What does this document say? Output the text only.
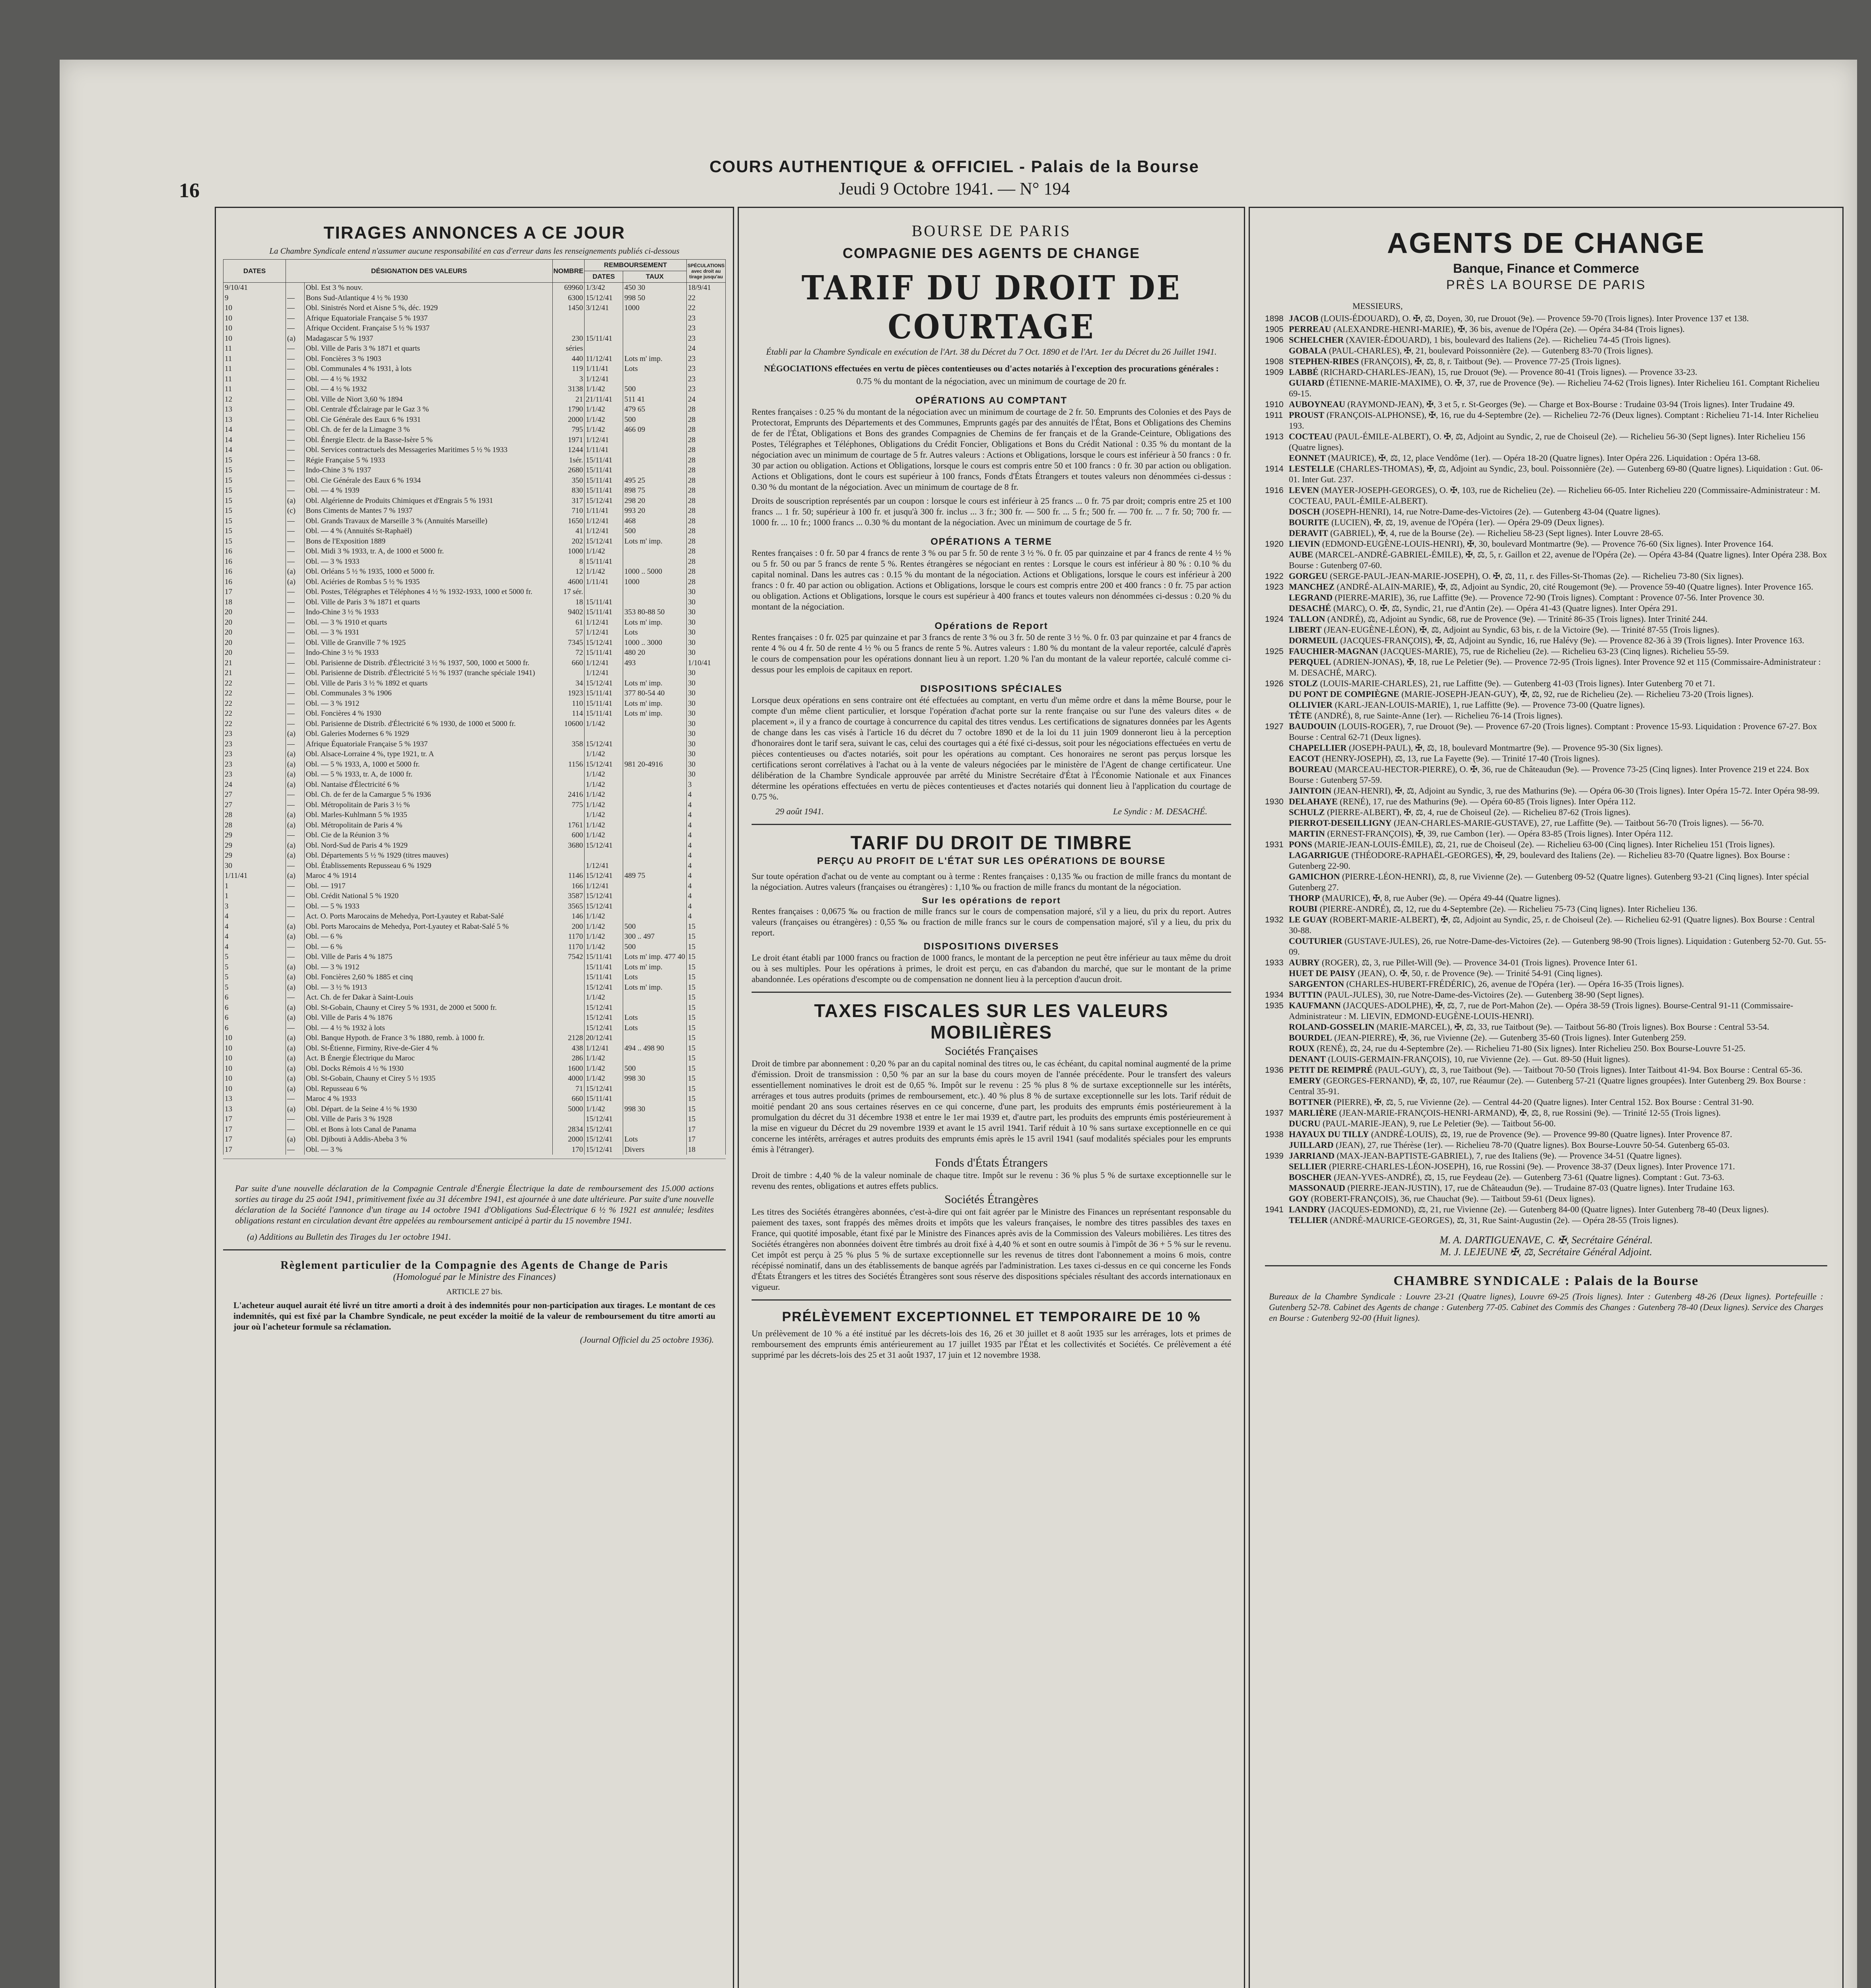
16
COURS AUTHENTIQUE & OFFICIEL - Palais de la Bourse
Jeudi 9 Octobre 1941. — N° 194
TIRAGES ANNONCES A CE JOUR
La Chambre Syndicale entend n'assumer aucune responsabilité en cas d'erreur dans les renseignements publiés ci-dessous
DATES	DÉSIGNATION DES VALEURS		NOMBRE	REMBOURSEMENT		SPÉCULATIONS avec droit au tirage jusqu'au
				DATES	TAUX	
9/10/41		Obl. Est 3 % nouv.	69960	1/3/42	450 30	18/9/41
9	—	Bons Sud-Atlantique 4 ½ % 1930	6300	15/12/41	998 50	22
10	—	Obl. Sinistrés Nord et Aisne 5 %, déc. 1929	1450	3/12/41	1000	22
10	—	Afrique Equatoriale Française 5 % 1937				23
10	—	Afrique Occident. Française 5 ½ % 1937				23
10	(a)	Madagascar 5 % 1937	230	15/11/41		23
11	—	Obl. Ville de Paris 3 % 1871 et quarts	séries			24
11	—	Obl. Foncières 3 % 1903	440	11/12/41	Lots m' imp.	23
11	—	Obl. Communales 4 % 1931, à lots	119	1/11/41	Lots	23
11	—	Obl. — 4 ½ % 1932	3	1/12/41		23
11	—	Obl. — 4 ½ % 1932	3138	1/1/42	500	23
12	—	Obl. Ville de Niort 3,60 % 1894	21	21/11/41	511 41	24
13	—	Obl. Centrale d'Éclairage par le Gaz 3 %	1790	1/1/42	479 65	28
13	—	Obl. Cie Générale des Eaux 6 % 1931	2000	1/1/42	500	28
14	—	Obl. Ch. de fer de la Limagne 3 %	795	1/1/42	466 09	28
14	—	Obl. Énergie Electr. de la Basse-Isère 5 %	1971	1/12/41		28
14	—	Obl. Services contractuels des Messageries Maritimes 5 ½ % 1933	1244	1/11/41		28
15	—	Régie Française 5 % 1933	1sér.	15/11/41		28
15	—	Indo-Chine 3 % 1937	2680	15/11/41		28
15	—	Obl. Cie Générale des Eaux 6 % 1934	350	15/11/41	495 25	28
15	—	Obl. — 4 % 1939	830	15/11/41	898 75	28
15	(a)	Obl. Algérienne de Produits Chimiques et d'Engrais 5 % 1931	317	15/12/41	298 20	28
15	(c)	Bons Ciments de Mantes 7 % 1937	710	1/11/41	993 20	28
15	—	Obl. Grands Travaux de Marseille 3 % (Annuités Marseille)	1650	1/12/41	468	28
15	—	Obl. — 4 % (Annuités St-Raphaël)	41	1/12/41	500	28
15	—	Bons de l'Exposition 1889	202	15/12/41	Lots m' imp.	28
16	—	Obl. Midi 3 % 1933, tr. A, de 1000 et 5000 fr.	1000	1/1/42		28
16	—	Obl. — 3 % 1933	8	15/11/41		28
16	(a)	Obl. Orléans 5 ½ % 1935, 1000 et 5000 fr.	12	1/1/42	1000 .. 5000	28
16	(a)	Obl. Aciéries de Rombas 5 ½ % 1935	4600	1/11/41	1000	28
17	—	Obl. Postes, Télégraphes et Téléphones 4 ½ % 1932-1933, 1000 et 5000 fr.	17 sér.			30
18	—	Obl. Ville de Paris 3 % 1871 et quarts	18	15/11/41		30
20	—	Indo-Chine 3 ½ % 1933	9402	15/11/41	353 80-88 50	30
20	—	Obl. — 3 % 1910 et quarts	61	1/12/41	Lots m' imp.	30
20	—	Obl. — 3 % 1931	57	1/12/41	Lots	30
20	—	Obl. Ville de Granville 7 % 1925	7345	15/12/41	1000 .. 3000	30
20	—	Indo-Chine 3 ½ % 1933	72	15/11/41	480 20	30
21	—	Obl. Parisienne de Distrib. d'Électricité 3 ½ % 1937, 500, 1000 et 5000 fr.	660	1/12/41	493	1/10/41
21	—	Obl. Parisienne de Distrib. d'Électricité 5 ½ % 1937 (tranche spéciale 1941)		1/12/41		30
22	—	Obl. Ville de Paris 3 ½ % 1892 et quarts	34	15/12/41	Lots m' imp.	30
22	—	Obl. Communales 3 % 1906	1923	15/11/41	377 80-54 40	30
22	—	Obl. — 3 % 1912	110	15/11/41	Lots m' imp.	30
22	—	Obl. Foncières 4 % 1930	114	15/11/41	Lots m' imp.	30
22	—	Obl. Parisienne de Distrib. d'Électricité 6 % 1930, de 1000 et 5000 fr.	10600	1/1/42		30
23	(a)	Obl. Galeries Modernes 6 % 1929				30
23	—	Afrique Équatoriale Française 5 % 1937	358	15/12/41		30
23	(a)	Obl. Alsace-Lorraine 4 %, type 1921, tr. A		1/1/42		30
23	(a)	Obl. — 5 % 1933, A, 1000 et 5000 fr.	1156	15/12/41	981 20-4916	30
23	(a)	Obl. — 5 % 1933, tr. A, de 1000 fr.		1/1/42		30
24	(a)	Obl. Nantaise d'Électricité 6 %		1/1/42		3
27	—	Obl. Ch. de fer de la Camargue 5 % 1936	2416	1/1/42		4
27	—	Obl. Métropolitain de Paris 3 ½ %	775	1/1/42		4
28	(a)	Obl. Marles-Kuhlmann 5 % 1935		1/1/42		4
28	(a)	Obl. Métropolitain de Paris 4 %	1761	1/1/42		4
29	—	Obl. Cie de la Réunion 3 %	600	1/1/42		4
29	(a)	Obl. Nord-Sud de Paris 4 % 1929	3680	15/12/41		4
29	(a)	Obl. Départements 5 ½ % 1929 (titres mauves)				4
30	—	Obl. Établissements Repusseau 6 % 1929		1/12/41		4
1/11/41	(a)	Maroc 4 % 1914	1146	15/12/41	489 75	4
1	—	Obl. — 1917	166	1/12/41		4
1	—	Obl. Crédit National 5 % 1920	3587	15/12/41		4
3	—	Obl. — 5 % 1933	3565	15/12/41		4
4	—	Act. O. Ports Marocains de Mehedya, Port-Lyautey et Rabat-Salé	146	1/1/42		4
4	(a)	Obl. Ports Marocains de Mehedya, Port-Lyautey et Rabat-Salé 5 %	200	1/1/42	500	15
4	(a)	Obl. — 6 %	1170	1/1/42	300 .. 497	15
4	—	Obl. — 6 %	1170	1/1/42	500	15
5	—	Obl. Ville de Paris 4 % 1875	7542	15/11/41	Lots m' imp. 477 40	15
5	(a)	Obl. — 3 % 1912		15/11/41	Lots m' imp.	15
5	(a)	Obl. Foncières 2,60 % 1885 et cinq		15/11/41	Lots	15
5	(a)	Obl. — 3 ½ % 1913		15/12/41	Lots m' imp.	15
6	—	Act. Ch. de fer Dakar à Saint-Louis		1/1/42		15
6	(a)	Obl. St-Gobain, Chauny et Cirey 5 % 1931, de 2000 et 5000 fr.		15/12/41		15
6	(a)	Obl. Ville de Paris 4 % 1876		15/12/41	Lots	15
6	—	Obl. — 4 ½ % 1932 à lots		15/12/41	Lots	15
10	(a)	Obl. Banque Hypoth. de France 3 % 1880, remb. à 1000 fr.	2128	20/12/41		15
10	(a)	Obl. St-Étienne, Firminy, Rive-de-Gier 4 %	438	1/12/41	494 .. 498 90	15
10	(a)	Act. B Énergie Électrique du Maroc	286	1/1/42		15
10	(a)	Obl. Docks Rémois 4 ½ % 1930	1600	1/1/42	500	15
10	(a)	Obl. St-Gobain, Chauny et Cirey 5 ½ 1935	4000	1/1/42	998 30	15
10	(a)	Obl. Repusseau 6 %	71	15/12/41		15
13	—	Maroc 4 % 1933	660	15/11/41		15
13	(a)	Obl. Départ. de la Seine 4 ½ % 1930	5000	1/1/42	998 30	15
17	—	Obl. Ville de Paris 3 % 1928		15/12/41		15
17	—	Obl. et Bons à lots Canal de Panama	2834	15/12/41		17
17	(a)	Obl. Djibouti à Addis-Abeba 3 %	2000	15/12/41	Lots	17
17	—	Obl. — 3 %	170	15/12/41	Divers	18
Par suite d'une nouvelle déclaration de la Compagnie Centrale d'Énergie Électrique la date de remboursement des 15.000 actions sorties au tirage du 25 août 1941, primitivement fixée au 31 décembre 1941, est ajournée à une date ultérieure. Par suite d'une nouvelle déclaration de la Société l'annonce d'un tirage au 14 octobre 1941 d'Obligations Sud-Électrique 6 ½ % 1921 est annulée; lesdites obligations restant en circulation devant être appelées au remboursement anticipé à partir du 15 novembre 1941.
(a) Additions au Bulletin des Tirages du 1er octobre 1941.
Règlement particulier de la Compagnie des Agents de Change de Paris
(Homologué par le Ministre des Finances)
ARTICLE 27 bis.
L'acheteur auquel aurait été livré un titre amorti a droit à des indemnités pour non-participation aux tirages. Le montant de ces indemnités, qui est fixé par la Chambre Syndicale, ne peut excéder la moitié de la valeur de remboursement du titre amorti au jour où l'acheteur formule sa réclamation.
(Journal Officiel du 25 octobre 1936).
BOURSE DE PARIS
COMPAGNIE DES AGENTS DE CHANGE
TARIF DU DROIT DE COURTAGE
Établi par la Chambre Syndicale en exécution de l'Art. 38 du Décret du 7 Oct. 1890 et de l'Art. 1er du Décret du 26 Juillet 1941.
NÉGOCIATIONS effectuées en vertu de pièces contentieuses ou d'actes notariés à l'exception des procurations générales :
0.75 % du montant de la négociation, avec un minimum de courtage de 20 fr.
OPÉRATIONS AU COMPTANT
Rentes françaises : 0.25 % du montant de la négociation avec un minimum de courtage de 2 fr. 50. Emprunts des Colonies et des Pays de Protectorat, Emprunts des Départements et des Communes, Emprunts gagés par des annuités de l'État, Bons et Obligations des Chemins de fer de l'État, Obligations et Bons des grandes Compagnies de Chemins de fer français et de la Grande-Ceinture, Obligations des Postes, Télégraphes et Téléphones, Obligations du Crédit Foncier, Obligations et Bons du Crédit National : 0.35 % du montant de la négociation avec un minimum de courtage de 5 fr. Autres valeurs : Actions et Obligations, lorsque le cours est inférieur à 50 francs : 0 fr. 30 par action ou obligation. Actions et Obligations, lorsque le cours est compris entre 50 et 100 francs : 0 fr. 30 par action ou obligation. Actions et Obligations, dont le cours est supérieur à 100 francs, Fonds d'États Étrangers et toutes valeurs non dénommées ci-dessus : 0.30 % du montant de la négociation. Avec un minimum de courtage de 8 fr.
Droits de souscription représentés par un coupon : lorsque le cours est inférieur à 25 francs ... 0 fr. 75 par droit; compris entre 25 et 100 francs ... 1 fr. 50; supérieur à 100 fr. et jusqu'à 300 fr. inclus ... 3 fr.; 300 fr. — 500 fr. ... 5 fr.; 500 fr. — 700 fr. ... 7 fr. 50; 700 fr. — 1000 fr. ... 10 fr.; 1000 francs ... 0.30 % du montant de la négociation. Avec un minimum de courtage de 5 fr.
OPÉRATIONS A TERME
Rentes françaises : 0 fr. 50 par 4 francs de rente 3 % ou par 5 fr. 50 de rente 3 ½ %. 0 fr. 05 par quinzaine et par 4 francs de rente 4 ½ % ou 5 fr. 50 ou par 5 francs de rente 5 %. Rentes étrangères se négociant en rentes : Lorsque le cours est inférieur à 80 % : 0.10 % du capital nominal. Dans les autres cas : 0.15 % du montant de la négociation. Actions et Obligations, lorsque le cours est inférieur à 200 francs : 0 fr. 40 par action ou obligation. Actions et Obligations, lorsque le cours est compris entre 200 et 400 francs : 0 fr. 75 par action ou obligation. Actions et Obligations, lorsque le cours est supérieur à 400 francs et toutes valeurs non dénommées ci-dessus : 0.20 % du montant de la négociation.
Opérations de Report
Rentes françaises : 0 fr. 025 par quinzaine et par 3 francs de rente 3 % ou 3 fr. 50 de rente 3 ½ %. 0 fr. 03 par quinzaine et par 4 francs de rente 4 % ou 4 fr. 50 de rente 4 ½ % ou 5 francs de rente 5 %. Autres valeurs : 1.80 % du montant de la valeur reportée, calculé d'après le cours de compensation pour les opérations donnant lieu à un report. 1.20 % l'an du montant de la valeur reportée, calculé comme ci-dessus pour les emplois de capitaux en report.
DISPOSITIONS SPÉCIALES
Lorsque deux opérations en sens contraire ont été effectuées au comptant, en vertu d'un même ordre et dans la même Bourse, pour le compte d'un même client particulier, et lorsque l'opération d'achat porte sur la rente française ou sur l'une des valeurs dites « de placement », il y a franco de courtage à concurrence du capital des titres vendus. Les certifications de signatures données par les Agents de change dans les cas visés à l'article 16 du décret du 7 octobre 1890 et de la loi du 11 juin 1909 donneront lieu à la perception d'honoraires dont le tarif sera, suivant le cas, celui des courtages qui a été fixé ci-dessus, soit pour les négociations effectuées en vertu de pièces contentieuses ou d'actes notariés, soit pour les opérations au comptant. Ces honoraires ne seront pas perçus lorsque les certifications seront corrélatives à l'achat ou à la vente de valeurs négociées par le ministère de l'Agent de change certificateur. Une délibération de la Chambre Syndicale approuvée par arrêté du Ministre Secrétaire d'État à l'Économie Nationale et aux Finances détermine les opérations effectuées en vertu de pièces contentieuses et d'actes notariés qui donnent lieu à l'application du courtage de 0.75 %.
29 août 1941.	Le Syndic : M. DESACHÉ.
TARIF DU DROIT DE TIMBRE
PERÇU AU PROFIT DE L'ÉTAT SUR LES OPÉRATIONS DE BOURSE
Sur toute opération d'achat ou de vente au comptant ou à terme : Rentes françaises : 0,135 ‰ ou fraction de mille francs du montant de la négociation. Autres valeurs (françaises ou étrangères) : 1,10 ‰ ou fraction de mille francs du montant de la négociation.
Sur les opérations de report
Rentes françaises : 0,0675 ‰ ou fraction de mille francs sur le cours de compensation majoré, s'il y a lieu, du prix du report. Autres valeurs (françaises ou étrangères) : 0,55 ‰ ou fraction de mille francs sur le cours de compensation majoré, s'il y a lieu, du prix du report.
DISPOSITIONS DIVERSES
Le droit étant établi par 1000 francs ou fraction de 1000 francs, le montant de la perception ne peut être inférieur au taux même du droit ou à ses multiples. Pour les opérations à primes, le droit est perçu, en cas d'abandon du marché, que sur le montant de la prime abandonnée. Les opérations d'escompte ou de compensation ne donnent lieu à la perception d'aucun droit.
TAXES FISCALES SUR LES VALEURS MOBILIÈRES
Sociétés Françaises
Droit de timbre par abonnement : 0,20 % par an du capital nominal des titres ou, le cas échéant, du capital nominal augmenté de la prime d'émission. Droit de transmission : 0,50 % par an sur la base du cours moyen de l'année précédente. Pour le transfert des valeurs essentiellement nominatives le droit est de 0,65 %. Impôt sur le revenu : 25 % plus 8 % de surtaxe exceptionnelle sur les intérêts, arrérages et tous autres produits (primes de remboursement, etc.). 40 % plus 8 % de surtaxe exceptionnelle sur les lots. Tarif réduit de moitié pendant 20 ans sous certaines réserves en ce qui concerne, d'une part, les produits des emprunts émis postérieurement à la promulgation du décret du 31 décembre 1938 et entre le 1er mai 1939 et, d'autre part, les produits des emprunts émis postérieurement à la mise en vigueur du Décret du 29 novembre 1939 et avant le 15 avril 1941. Tarif réduit à 10 % sans surtaxe exceptionnelle en ce qui concerne les intérêts, arrérages et autres produits des emprunts émis après le 15 avril 1941 (sauf modalités spéciales pour les emprunts émis à l'étranger).
Fonds d'États Étrangers
Droit de timbre : 4,40 % de la valeur nominale de chaque titre. Impôt sur le revenu : 36 % plus 5 % de surtaxe exceptionnelle sur le revenu des rentes, obligations et autres effets publics.
Sociétés Étrangères
Les titres des Sociétés étrangères abonnées, c'est-à-dire qui ont fait agréer par le Ministre des Finances un représentant responsable du paiement des taxes, sont frappés des mêmes droits et impôts que les valeurs françaises, le nombre des titres passibles des taxes en France, qui quotité imposable, étant fixé par le Ministre des Finances après avis de la Commission des Valeurs mobilières. Les titres des Sociétés étrangères non abonnées doivent être timbrés au droit fixé à 4,40 % et sont en outre soumis à l'impôt de 36 + 5 % sur le revenu. Cet impôt est perçu à 25 % plus 5 % de surtaxe exceptionnelle sur les revenus de titres dont l'abonnement a moins 6 mois, contre récépissé nominatif, dans un des établissements de banque agréés par l'administration. Les taxes ci-dessus en ce qui concerne les Fonds d'États Étrangers et les titres des Sociétés Étrangères sont sous réserve des dispositions spéciales résultant des accords internationaux en vigueur.
PRÉLÈVEMENT EXCEPTIONNEL ET TEMPORAIRE DE 10 %
Un prélèvement de 10 % a été institué par les décrets-lois des 16, 26 et 30 juillet et 8 août 1935 sur les arrérages, lots et primes de remboursement des emprunts émis antérieurement au 17 juillet 1935 par l'État et les collectivités et Sociétés. Ce prélèvement a été supprimé par les décrets-lois des 25 et 31 août 1937, 17 juin et 12 novembre 1938.
AGENTS DE CHANGE
Banque, Finance et Commerce
PRÈS LA BOURSE DE PARIS
MESSIEURS,
1898 JACOB (LOUIS-ÉDOUARD), O. ✠, ⚖, Doyen, 30, rue Drouot (9e). — Provence 59-70 (Trois lignes). Inter Provence 137 et 138.
1905 PERREAU (ALEXANDRE-HENRI-MARIE), ✠, 36 bis, avenue de l'Opéra (2e). — Opéra 34-84 (Trois lignes).
1906 SCHELCHER (XAVIER-ÉDOUARD), 1 bis, boulevard des Italiens (2e). — Richelieu 74-45 (Trois lignes).
GOBALA (PAUL-CHARLES), ✠, 21, boulevard Poissonnière (2e). — Gutenberg 83-70 (Trois lignes).
1908 STEPHEN-RIBES (FRANÇOIS), ✠, ⚖, 8, r. Taitbout (9e). — Provence 77-25 (Trois lignes).
1909 LABBÉ (RICHARD-CHARLES-JEAN), 15, rue Drouot (9e). — Provence 80-41 (Trois lignes). — Provence 33-23.
GUIARD (ÉTIENNE-MARIE-MAXIME), O. ✠, 37, rue de Provence (9e). — Richelieu 74-62 (Trois lignes). Inter Richelieu 161. Comptant Richelieu 69-15.
1910 AUBOYNEAU (RAYMOND-JEAN), ✠, 3 et 5, r. St-Georges (9e). — Charge et Box-Bourse : Trudaine 03-94 (Trois lignes). Inter Trudaine 49.
1911 PROUST (FRANÇOIS-ALPHONSE), ✠, 16, rue du 4-Septembre (2e). — Richelieu 72-76 (Deux lignes). Comptant : Richelieu 71-14. Inter Richelieu 193.
1913 COCTEAU (PAUL-ÉMILE-ALBERT), O. ✠, ⚖, Adjoint au Syndic, 2, rue de Choiseul (2e). — Richelieu 56-30 (Sept lignes). Inter Richelieu 156 (Quatre lignes).
EONNET (MAURICE), ✠, ⚖, 12, place Vendôme (1er). — Opéra 18-20 (Quatre lignes). Inter Opéra 226. Liquidation : Opéra 13-68.
1914 LESTELLE (CHARLES-THOMAS), ✠, ⚖, Adjoint au Syndic, 23, boul. Poissonnière (2e). — Gutenberg 69-80 (Quatre lignes). Liquidation : Gut. 06-01. Inter Gut. 237.
1916 LEVEN (MAYER-JOSEPH-GEORGES), O. ✠, 103, rue de Richelieu (2e). — Richelieu 66-05. Inter Richelieu 220 (Commissaire-Administrateur : M. COCTEAU, PAUL-ÉMILE-ALBERT).
DOSCH (JOSEPH-HENRI), 14, rue Notre-Dame-des-Victoires (2e). — Gutenberg 43-04 (Quatre lignes).
BOURITE (LUCIEN), ✠, ⚖, 19, avenue de l'Opéra (1er). — Opéra 29-09 (Deux lignes).
DERAVIT (GABRIEL), ✠, 4, rue de la Bourse (2e). — Richelieu 58-23 (Sept lignes). Inter Louvre 28-65.
1920 LIEVIN (EDMOND-EUGÈNE-LOUIS-HENRI), ✠, 30, boulevard Montmartre (9e). — Provence 76-60 (Six lignes). Inter Provence 164.
AUBE (MARCEL-ANDRÉ-GABRIEL-ÉMILE), ✠, ⚖, 5, r. Gaillon et 22, avenue de l'Opéra (2e). — Opéra 43-84 (Quatre lignes). Inter Opéra 238. Box Bourse : Gutenberg 07-60.
1922 GORGEU (SERGE-PAUL-JEAN-MARIE-JOSEPH), O. ✠, ⚖, 11, r. des Filles-St-Thomas (2e). — Richelieu 73-80 (Six lignes).
1923 MANCHEZ (ANDRÉ-ALAIN-MARIE), ✠, ⚖, Adjoint au Syndic, 20, cité Rougemont (9e). — Provence 59-40 (Quatre lignes). Inter Provence 165.
LEGRAND (PIERRE-MARIE), 36, rue Laffitte (9e). — Provence 72-90 (Trois lignes). Comptant : Provence 07-56. Inter Provence 30.
DESACHÉ (MARC), O. ✠, ⚖, Syndic, 21, rue d'Antin (2e). — Opéra 41-43 (Quatre lignes). Inter Opéra 291.
1924 TALLON (ANDRÉ), ⚖, Adjoint au Syndic, 68, rue de Provence (9e). — Trinité 86-35 (Trois lignes). Inter Trinité 244.
LIBERT (JEAN-EUGÈNE-LÉON), ✠, ⚖, Adjoint au Syndic, 63 bis, r. de la Victoire (9e). — Trinité 87-55 (Trois lignes).
DORMEUIL (JACQUES-FRANÇOIS), ✠, ⚖, Adjoint au Syndic, 16, rue Halévy (9e). — Provence 82-36 à 39 (Trois lignes). Inter Provence 163.
1925 FAUCHIER-MAGNAN (JACQUES-MARIE), 75, rue de Richelieu (2e). — Richelieu 63-23 (Cinq lignes). Richelieu 55-59.
PERQUEL (ADRIEN-JONAS), ✠, 18, rue Le Peletier (9e). — Provence 72-95 (Trois lignes). Inter Provence 92 et 115 (Commissaire-Administrateur : M. DESACHÉ, MARC).
1926 STOLZ (LOUIS-MARIE-CHARLES), 21, rue Laffitte (9e). — Gutenberg 41-03 (Trois lignes). Inter Gutenberg 70 et 71.
DU PONT DE COMPIÈGNE (MARIE-JOSEPH-JEAN-GUY), ✠, ⚖, 92, rue de Richelieu (2e). — Richelieu 73-20 (Trois lignes).
OLLIVIER (KARL-JEAN-LOUIS-MARIE), 1, rue Laffitte (9e). — Provence 73-00 (Quatre lignes).
TÊTE (ANDRÉ), 8, rue Sainte-Anne (1er). — Richelieu 76-14 (Trois lignes).
1927 BAUDOUIN (LOUIS-ROGER), 7, rue Drouot (9e). — Provence 67-20 (Trois lignes). Comptant : Provence 15-93. Liquidation : Provence 67-27. Box Bourse : Central 62-71 (Deux lignes).
CHAPELLIER (JOSEPH-PAUL), ✠, ⚖, 18, boulevard Montmartre (9e). — Provence 95-30 (Six lignes).
EACOT (HENRY-JOSEPH), ⚖, 13, rue La Fayette (9e). — Trinité 17-40 (Trois lignes).
BOUREAU (MARCEAU-HECTOR-PIERRE), O. ✠, 36, rue de Châteaudun (9e). — Provence 73-25 (Cinq lignes). Inter Provence 219 et 224. Box Bourse : Gutenberg 57-59.
JAINTOIN (JEAN-HENRI), ✠, ⚖, Adjoint au Syndic, 3, rue des Mathurins (9e). — Opéra 06-30 (Trois lignes). Inter Opéra 15-72. Inter Opéra 98-99.
1930 DELAHAYE (RENÉ), 17, rue des Mathurins (9e). — Opéra 60-85 (Trois lignes). Inter Opéra 112.
SCHULZ (PIERRE-ALBERT), ✠, ⚖, 4, rue de Choiseul (2e). — Richelieu 87-62 (Trois lignes).
PIERROT-DESEILLIGNY (JEAN-CHARLES-MARIE-GUSTAVE), 27, rue Laffitte (9e). — Taitbout 56-70 (Trois lignes). — 56-70.
MARTIN (ERNEST-FRANÇOIS), ✠, 39, rue Cambon (1er). — Opéra 83-85 (Trois lignes). Inter Opéra 112.
1931 PONS (MARIE-JEAN-LOUIS-ÉMILE), ⚖, 21, rue de Choiseul (2e). — Richelieu 63-00 (Cinq lignes). Inter Richelieu 151 (Trois lignes).
LAGARRIGUE (THÉODORE-RAPHAËL-GEORGES), ✠, 29, boulevard des Italiens (2e). — Richelieu 83-70 (Quatre lignes). Box Bourse : Gutenberg 22-90.
GAMICHON (PIERRE-LÉON-HENRI), ⚖, 8, rue Vivienne (2e). — Gutenberg 09-52 (Quatre lignes). Gutenberg 93-21 (Cinq lignes). Inter spécial Gutenberg 27.
THORP (MAURICE), ✠, 8, rue Auber (9e). — Opéra 49-44 (Quatre lignes).
ROUBI (PIERRE-ANDRÉ), ⚖, 12, rue du 4-Septembre (2e). — Richelieu 75-73 (Cinq lignes). Inter Richelieu 136.
1932 LE GUAY (ROBERT-MARIE-ALBERT), ✠, ⚖, Adjoint au Syndic, 25, r. de Choiseul (2e). — Richelieu 62-91 (Quatre lignes). Box Bourse : Central 30-88.
COUTURIER (GUSTAVE-JULES), 26, rue Notre-Dame-des-Victoires (2e). — Gutenberg 98-90 (Trois lignes). Liquidation : Gutenberg 52-70. Gut. 55-09.
1933 AUBRY (ROGER), ⚖, 3, rue Pillet-Will (9e). — Provence 34-01 (Trois lignes). Provence Inter 61.
HUET DE PAISY (JEAN), O. ✠, 50, r. de Provence (9e). — Trinité 54-91 (Cinq lignes).
SARGENTON (CHARLES-HUBERT-FRÉDÉRIC), 26, avenue de l'Opéra (1er). — Opéra 16-35 (Trois lignes).
1934 BUTTIN (PAUL-JULES), 30, rue Notre-Dame-des-Victoires (2e). — Gutenberg 38-90 (Sept lignes).
1935 KAUFMANN (JACQUES-ADOLPHE), ✠, ⚖, 7, rue de Port-Mahon (2e). — Opéra 38-59 (Trois lignes). Bourse-Central 91-11 (Commissaire-Administrateur : M. LIEVIN, EDMOND-EUGÈNE-LOUIS-HENRI).
ROLAND-GOSSELIN (MARIE-MARCEL), ✠, ⚖, 33, rue Taitbout (9e). — Taitbout 56-80 (Trois lignes). Box Bourse : Central 53-54.
BOURDEL (JEAN-PIERRE), ✠, 36, rue Vivienne (2e). — Gutenberg 35-60 (Trois lignes). Inter Gutenberg 259.
ROUX (RENÉ), ⚖, 24, rue du 4-Septembre (2e). — Richelieu 71-80 (Six lignes). Inter Richelieu 250. Box Bourse-Louvre 51-25.
DENANT (LOUIS-GERMAIN-FRANÇOIS), 10, rue Vivienne (2e). — Gut. 89-50 (Huit lignes).
1936 PETIT DE REIMPRÉ (PAUL-GUY), ⚖, 3, rue Taitbout (9e). — Taitbout 70-50 (Trois lignes). Inter Taitbout 41-94. Box Bourse : Central 65-36.
EMERY (GEORGES-FERNAND), ✠, ⚖, 107, rue Réaumur (2e). — Gutenberg 57-21 (Quatre lignes groupées). Inter Gutenberg 29. Box Bourse : Central 35-91.
BOTTNER (PIERRE), ✠, ⚖, 5, rue Vivienne (2e). — Central 44-20 (Quatre lignes). Inter Central 152. Box Bourse : Central 31-90.
1937 MARLIÈRE (JEAN-MARIE-FRANÇOIS-HENRI-ARMAND), ✠, ⚖, 8, rue Rossini (9e). — Trinité 12-55 (Trois lignes).
DUCRU (PAUL-MARIE-JEAN), 9, rue Le Peletier (9e). — Taitbout 56-00.
1938 HAYAUX DU TILLY (ANDRÉ-LOUIS), ⚖, 19, rue de Provence (9e). — Provence 99-80 (Quatre lignes). Inter Provence 87.
JUILLARD (JEAN), 27, rue Thérèse (1er). — Richelieu 78-70 (Quatre lignes). Box Bourse-Louvre 50-54. Gutenberg 65-03.
1939 JARRIAND (MAX-JEAN-BAPTISTE-GABRIEL), 7, rue des Italiens (9e). — Provence 34-51 (Quatre lignes).
SELLIER (PIERRE-CHARLES-LÉON-JOSEPH), 16, rue Rossini (9e). — Provence 38-37 (Deux lignes). Inter Provence 171.
BOSCHER (JEAN-YVES-ANDRÉ), ⚖, 15, rue Feydeau (2e). — Gutenberg 73-61 (Quatre lignes). Comptant : Gut. 73-63.
MASSONAUD (PIERRE-JEAN-JUSTIN), 17, rue de Châteaudun (9e). — Trudaine 87-03 (Quatre lignes). Inter Trudaine 163.
GOY (ROBERT-FRANÇOIS), 36, rue Chauchat (9e). — Taitbout 59-61 (Deux lignes).
1941 LANDRY (JACQUES-EDMOND), ⚖, 21, rue Vivienne (2e). — Gutenberg 84-00 (Quatre lignes). Inter Gutenberg 78-40 (Deux lignes).
TELLIER (ANDRÉ-MAURICE-GEORGES), ⚖, 31, Rue Saint-Augustin (2e). — Opéra 28-55 (Trois lignes).
M. A. DARTIGUENAVE, C. ✠, Secrétaire Général.
M. J. LEJEUNE ✠, ⚖, Secrétaire Général Adjoint.
CHAMBRE SYNDICALE : Palais de la Bourse
Bureaux de la Chambre Syndicale : Louvre 23-21 (Quatre lignes), Louvre 69-25 (Trois lignes). Inter : Gutenberg 48-26 (Deux lignes). Portefeuille : Gutenberg 52-78. Cabinet des Agents de change : Gutenberg 77-05. Cabinet des Commis des Changes : Gutenberg 78-40 (Deux lignes). Service des Charges en Bourse : Gutenberg 92-00 (Huit lignes).
